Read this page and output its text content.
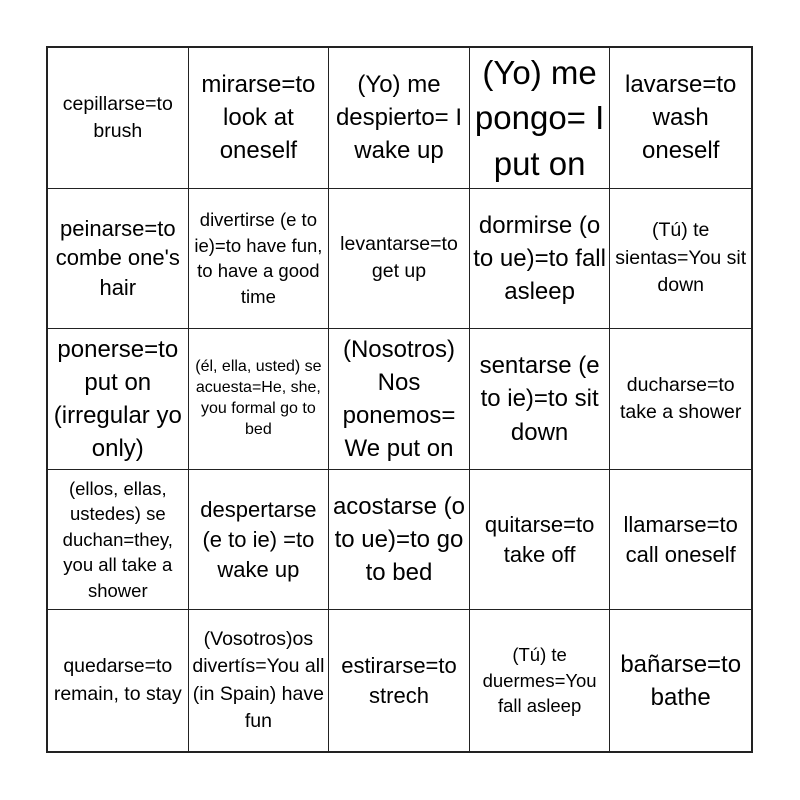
cepillarse=to brush
mirarse=to look at oneself
(Yo) me despierto= I wake up
(Yo) me pongo= I put on
lavarse=to wash oneself
peinarse=to combe one's hair
divertirse (e to ie)=to have fun, to have a good time
levantarse=to get up
dormirse (o to ue)=to fall asleep
(Tú) te sientas=You sit down
ponerse=to put on (irregular yo only)
(él, ella, usted) se acuesta=He, she, you formal go to bed
(Nosotros) Nos ponemos= We put on
sentarse (e to ie)=to sit down
ducharse=to take a shower
(ellos, ellas, ustedes) se duchan=they, you all take a shower
despertarse (e to ie) =to wake up
acostarse (o to ue)=to go to bed
quitarse=to take off
llamarse=to call oneself
quedarse=to remain, to stay
(Vosotros)os divertís=You all (in Spain) have fun
estirarse=to strech
(Tú) te duermes=You fall asleep
bañarse=to bathe
